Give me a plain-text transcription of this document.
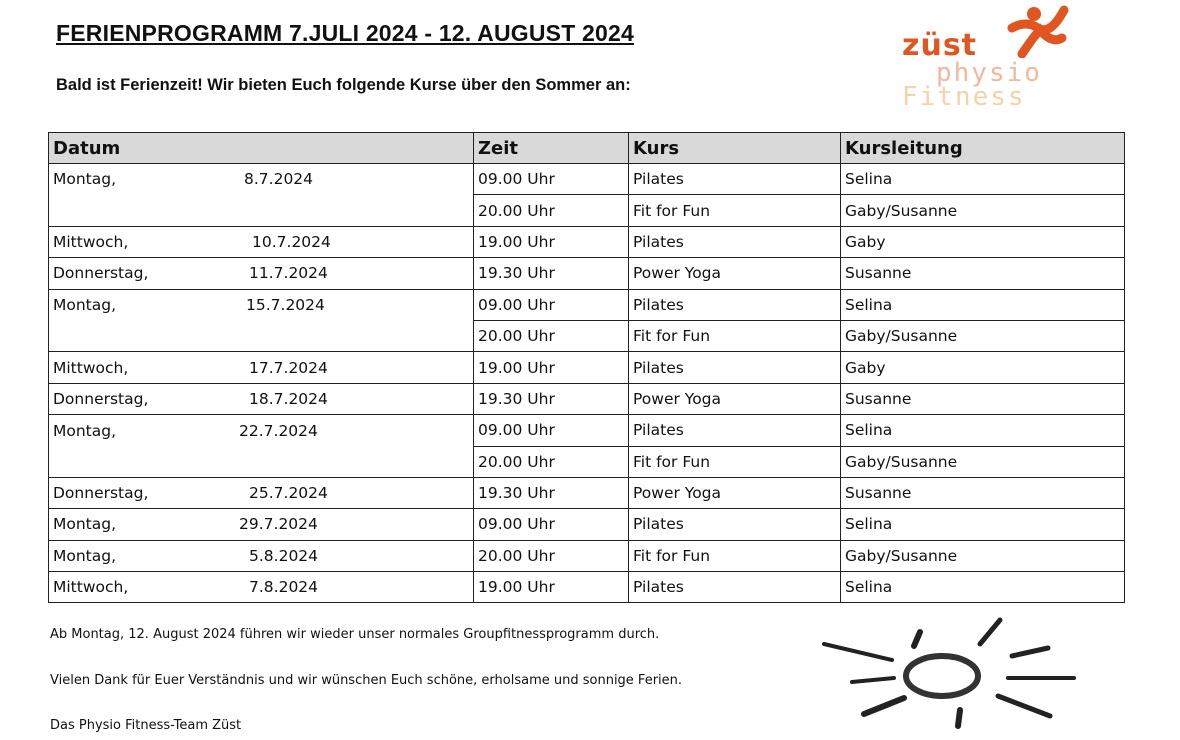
FERIENPROGRAMM 7.JULI 2024 - 12. AUGUST 2024
Bald ist Ferienzeit! Wir bieten Euch folgende Kurse über den Sommer an:
züst
physio
Fitness
Datum	Zeit	Kurs	Kursleitung

Montag, 8.7.2024	09.00 Uhr	Pilates	Selina

	20.00 Uhr	Fit for Fun	Gaby/Susanne

Mittwoch, 10.7.2024	19.00 Uhr	Pilates	Gaby

Donnerstag, 11.7.2024	19.30 Uhr	Power Yoga	Susanne

Montag, 15.7.2024	09.00 Uhr	Pilates	Selina

	20.00 Uhr	Fit for Fun	Gaby/Susanne

Mittwoch, 17.7.2024	19.00 Uhr	Pilates	Gaby

Donnerstag, 18.7.2024	19.30 Uhr	Power Yoga	Susanne

Montag, 22.7.2024	09.00 Uhr	Pilates	Selina

	20.00 Uhr	Fit for Fun	Gaby/Susanne

Donnerstag, 25.7.2024	19.30 Uhr	Power Yoga	Susanne

Montag, 29.7.2024	09.00 Uhr	Pilates	Selina

Montag, 5.8.2024	20.00 Uhr	Fit for Fun	Gaby/Susanne

Mittwoch, 7.8.2024	19.00 Uhr	Pilates	Selina
Ab Montag, 12. August 2024 führen wir wieder unser normales Groupfitnessprogramm durch.
Vielen Dank für Euer Verständnis und wir wünschen Euch schöne, erholsame und sonnige Ferien.
Das Physio Fitness-Team Züst
